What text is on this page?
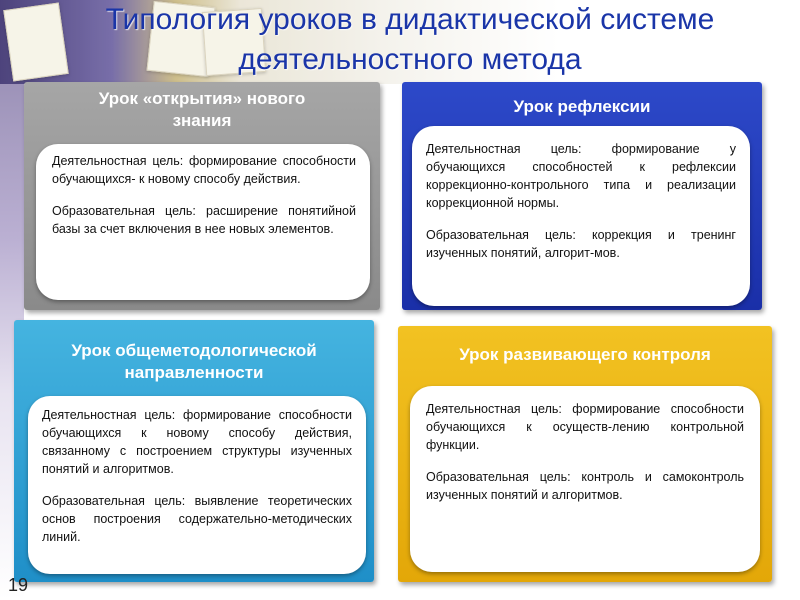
Типология уроков в дидактической системе деятельностного метода
Урок «открытия» нового знания

Деятельностная цель: формирование способности обучающихся- к новому способу действия.

Образовательная цель: расширение понятийной базы за счет включения в нее новых элементов.

Урок рефлексии

Деятельностная цель: формирование у обучающихся способностей к рефлексии коррекционно-контрольного типа и реализации коррекционной нормы.

Образовательная цель: коррекция и тренинг изученных понятий, алгорит-мов.

Урок общеметодологической направленности

Деятельностная цель: формирование способности обучающихся к новому способу действия, связанному с построением структуры изученных понятий и алгоритмов.

Образовательная цель: выявление теоретических основ построения содержательно-методических линий.

Урок развивающего контроля

Деятельностная цель: формирование способности обучающихся к осуществ-лению контрольной функции.

Образовательная цель: контроль и самоконтроль изученных понятий и алгоритмов.

19
